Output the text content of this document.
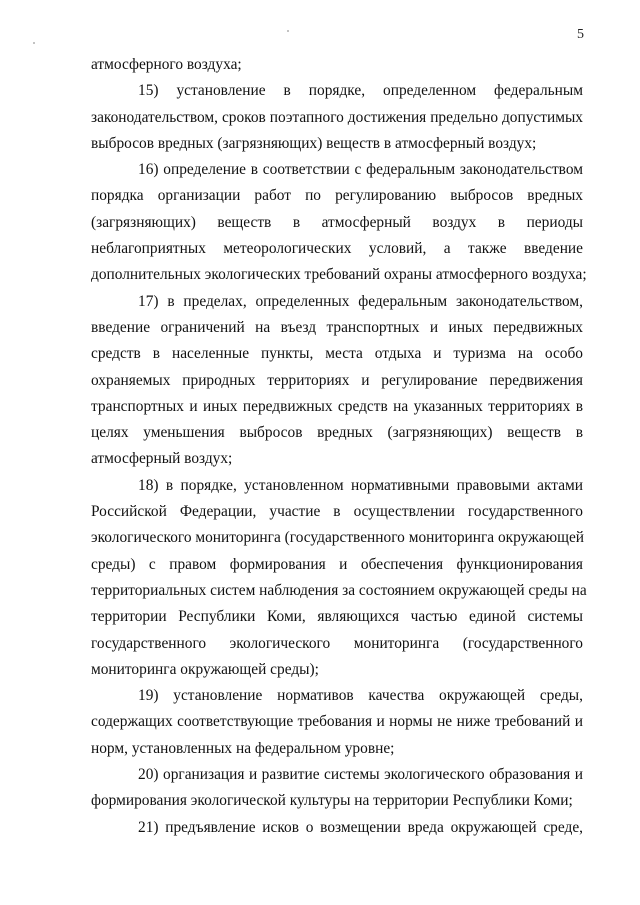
5
атмосферного воздуха;
15) установление в порядке, определенном федеральным
законодательством, сроков поэтапного достижения предельно допустимых
выбросов вредных (загрязняющих) веществ в атмосферный воздух;
16) определение в соответствии с федеральным законодательством
порядка организации работ по регулированию выбросов вредных
(загрязняющих) веществ в атмосферный воздух в периоды
неблагоприятных метеорологических условий, а также введение
дополнительных экологических требований охраны атмосферного воздуха;
17) в пределах, определенных федеральным законодательством,
введение ограничений на въезд транспортных и иных передвижных
средств в населенные пункты, места отдыха и туризма на особо
охраняемых природных территориях и регулирование передвижения
транспортных и иных передвижных средств на указанных территориях в
целях уменьшения выбросов вредных (загрязняющих) веществ в
атмосферный воздух;
18) в порядке, установленном нормативными правовыми актами
Российской Федерации, участие в осуществлении государственного
экологического мониторинга (государственного мониторинга окружающей
среды) с правом формирования и обеспечения функционирования
территориальных систем наблюдения за состоянием окружающей среды на
территории Республики Коми, являющихся частью единой системы
государственного экологического мониторинга (государственного
мониторинга окружающей среды);
19) установление нормативов качества окружающей среды,
содержащих соответствующие требования и нормы не ниже требований и
норм, установленных на федеральном уровне;
20) организация и развитие системы экологического образования и
формирования экологической культуры на территории Республики Коми;
21) предъявление исков о возмещении вреда окружающей среде,
